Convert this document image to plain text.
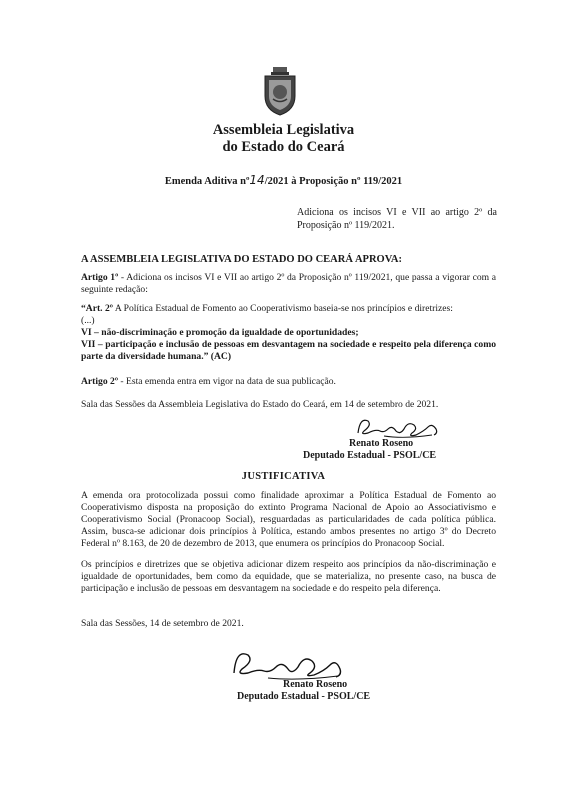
Assembleia Legislativa
do Estado do Ceará
Emenda Aditiva nº14/2021 à Proposição nº 119/2021
Adiciona os incisos VI e VII ao artigo 2º da Proposição nº 119/2021.
A ASSEMBLEIA LEGISLATIVA DO ESTADO DO CEARÁ APROVA:
Artigo 1º - Adiciona os incisos VI e VII ao artigo 2º da Proposição nº 119/2021, que passa a vigorar com a seguinte redação:
“Art. 2º A Política Estadual de Fomento ao Cooperativismo baseia-se nos princípios e diretrizes:
(...)
VI – não-discriminação e promoção da igualdade de oportunidades;
VII – participação e inclusão de pessoas em desvantagem na sociedade e respeito pela diferença como parte da diversidade humana.” (AC)
Artigo 2º - Esta emenda entra em vigor na data de sua publicação.
Sala das Sessões da Assembleia Legislativa do Estado do Ceará, em 14 de setembro de 2021.
Renato Roseno
Deputado Estadual - PSOL/CE
JUSTIFICATIVA
A emenda ora protocolizada possui como finalidade aproximar a Política Estadual de Fomento ao Cooperativismo disposta na proposição do extinto Programa Nacional de Apoio ao Associativismo e Cooperativismo Social (Pronacoop Social), resguardadas as particularidades de cada política pública. Assim, busca-se adicionar dois princípios à Política, estando ambos presentes no artigo 3º do Decreto Federal nº 8.163, de 20 de dezembro de 2013, que enumera os princípios do Pronacoop Social.
Os princípios e diretrizes que se objetiva adicionar dizem respeito aos princípios da não-discriminação e igualdade de oportunidades, bem como da equidade, que se materializa, no presente caso, na busca de participação e inclusão de pessoas em desvantagem na sociedade e do respeito pela diferença.
Sala das Sessões, 14 de setembro de 2021.
Renato Roseno
Deputado Estadual - PSOL/CE
